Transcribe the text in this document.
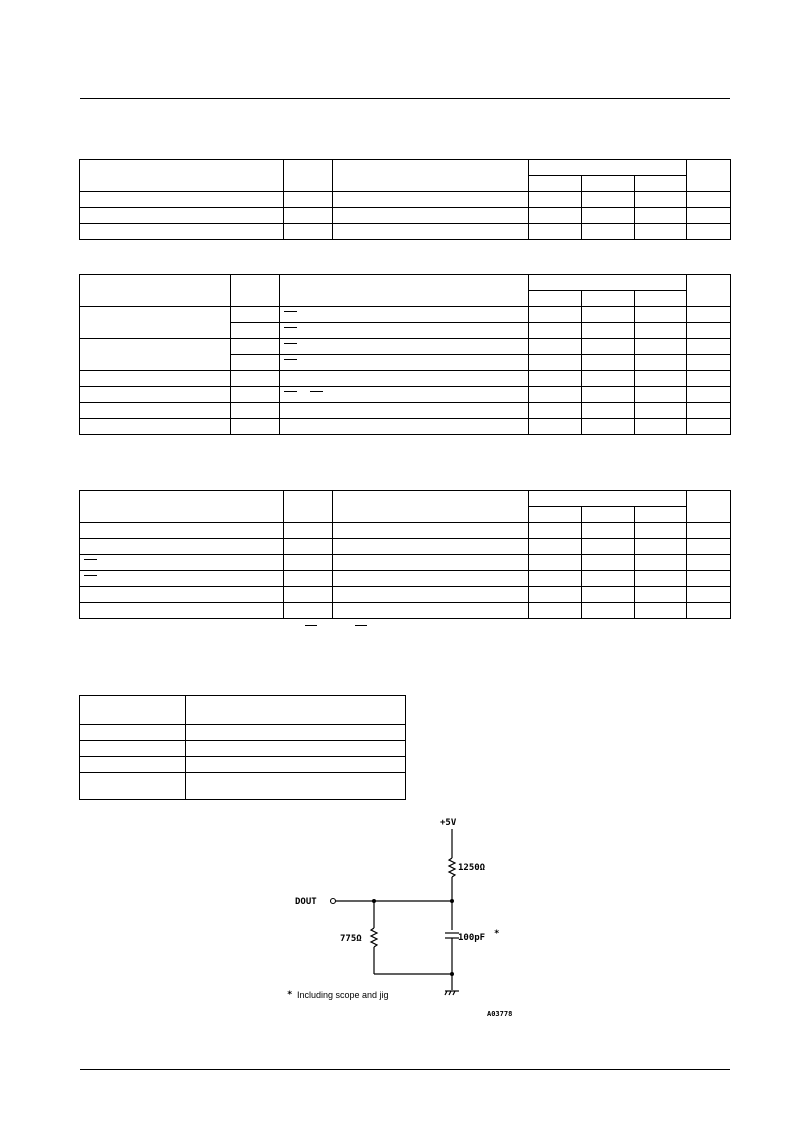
+5V
1250Ω
DOUT
775Ω	100pF *
* Including scope and jig
A03778
